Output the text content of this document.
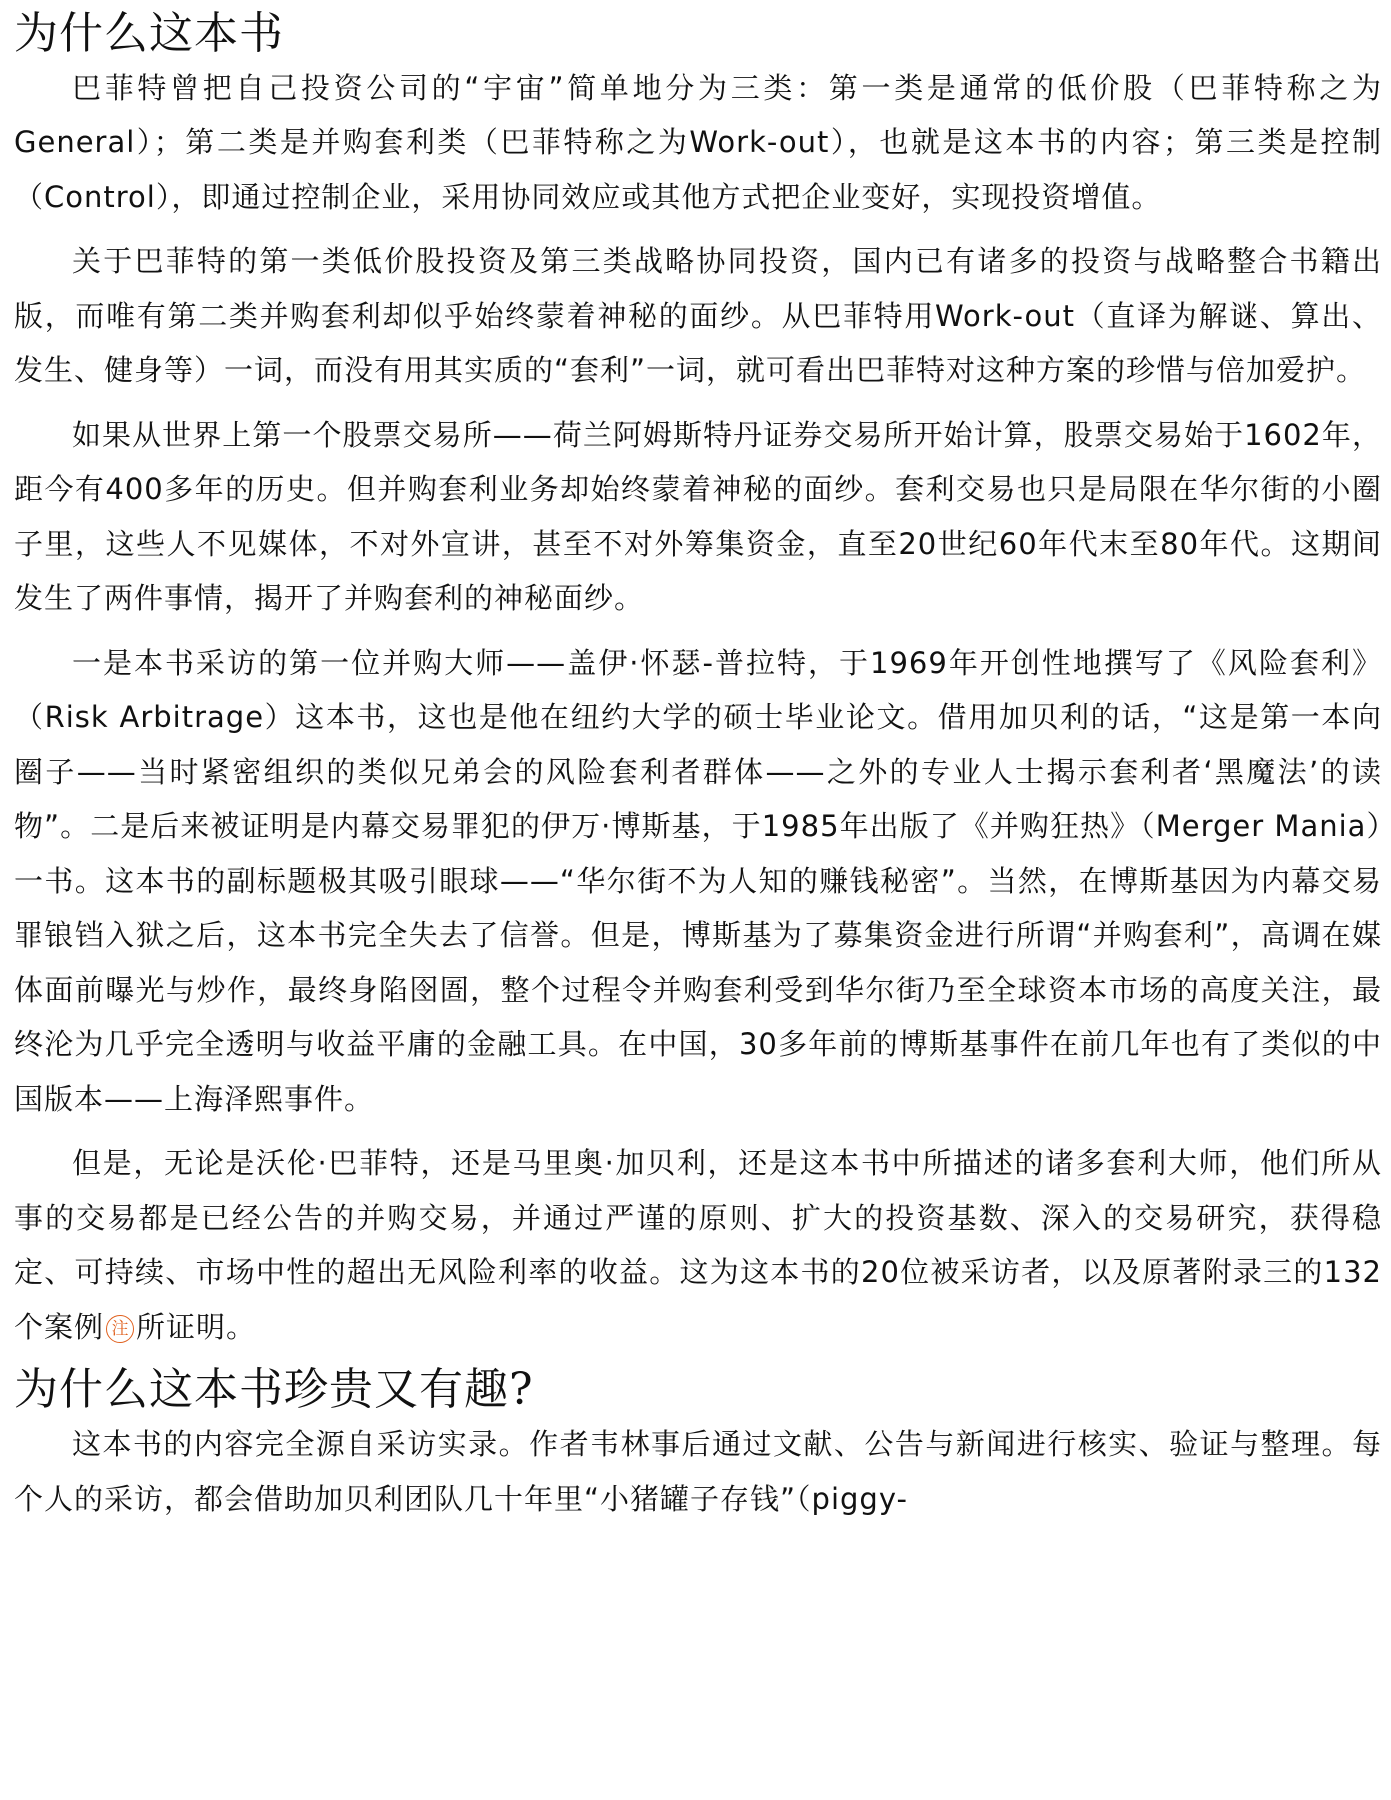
为什么这本书

巴菲特曾把自己投资公司的“宇宙”简单地分为三类：第一类是通常的低价股（巴菲特称之为General）；第二类是并购套利类（巴菲特称之为Work-out），也就是这本书的内容；第三类是控制（Control），即通过控制企业，采用协同效应或其他方式把企业变好，实现投资增值。

关于巴菲特的第一类低价股投资及第三类战略协同投资，国内已有诸多的投资与战略整合书籍出版，而唯有第二类并购套利却似乎始终蒙着神秘的面纱。从巴菲特用Work-out（直译为解谜、算出、发生、健身等）一词，而没有用其实质的“套利”一词，就可看出巴菲特对这种方案的珍惜与倍加爱护。

如果从世界上第一个股票交易所——荷兰阿姆斯特丹证券交易所开始计算，股票交易始于1602年，距今有400多年的历史。但并购套利业务却始终蒙着神秘的面纱。套利交易也只是局限在华尔街的小圈子里，这些人不见媒体，不对外宣讲，甚至不对外筹集资金，直至20世纪60年代末至80年代。这期间发生了两件事情，揭开了并购套利的神秘面纱。

一是本书采访的第一位并购大师——盖伊·怀瑟-普拉特，于1969年开创性地撰写了《风险套利》（Risk Arbitrage）这本书，这也是他在纽约大学的硕士毕业论文。借用加贝利的话，“这是第一本向圈子——当时紧密组织的类似兄弟会的风险套利者群体——之外的专业人士揭示套利者‘黑魔法’的读物”。二是后来被证明是内幕交易罪犯的伊万·博斯基，于1985年出版了《并购狂热》（Merger Mania）一书。这本书的副标题极其吸引眼球——“华尔街不为人知的赚钱秘密”。当然，在博斯基因为内幕交易罪锒铛入狱之后，这本书完全失去了信誉。但是，博斯基为了募集资金进行所谓“并购套利”，高调在媒体面前曝光与炒作，最终身陷囹圄，整个过程令并购套利受到华尔街乃至全球资本市场的高度关注，最终沦为几乎完全透明与收益平庸的金融工具。在中国，30多年前的博斯基事件在前几年也有了类似的中国版本——上海泽熙事件。

但是，无论是沃伦·巴菲特，还是马里奥·加贝利，还是这本书中所描述的诸多套利大师，他们所从事的交易都是已经公告的并购交易，并通过严谨的原则、扩大的投资基数、深入的交易研究，获得稳定、可持续、市场中性的超出无风险利率的收益。这为这本书的20位被采访者，以及原著附录三的132个案例 注 所证明。

为什么这本书珍贵又有趣?

这本书的内容完全源自采访实录。作者韦林事后通过文献、公告与新闻进行核实、验证与整理。每个人的采访，都会借助加贝利团队几十年里“小猪罐子存钱”（piggy-
